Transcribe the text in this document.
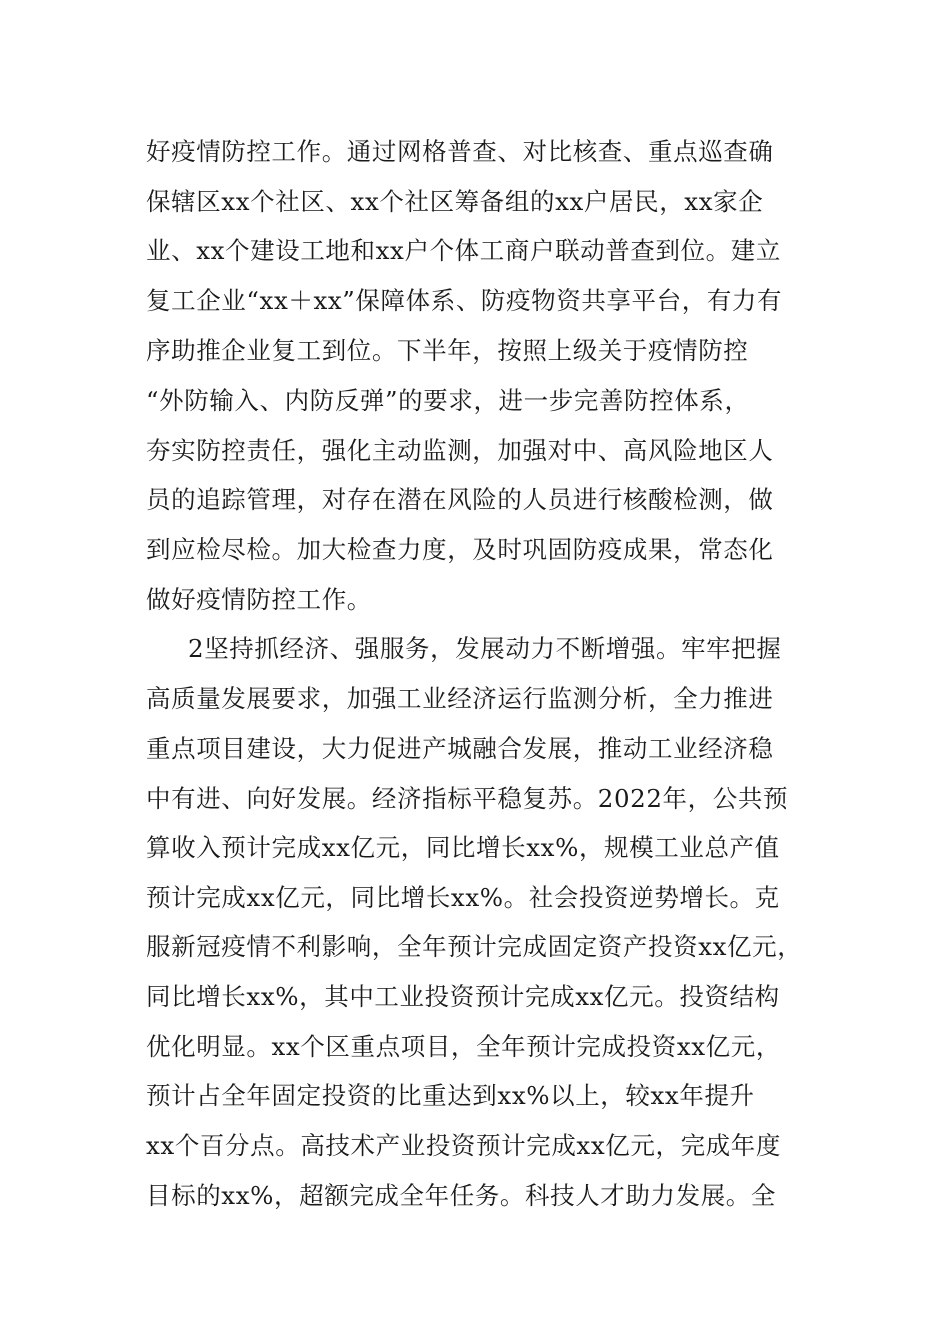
好疫情防控工作。通过网格普查、对比核查、重点巡查确
保辖区xx个社区、xx个社区筹备组的xx户居民，xx家企
业、xx个建设工地和xx户个体工商户联动普查到位。建立
复工企业“xx＋xx”保障体系、防疫物资共享平台，有力有
序助推企业复工到位。下半年，按照上级关于疫情防控
“外防输入、内防反弹”的要求，进一步完善防控体系，
夯实防控责任，强化主动监测，加强对中、高风险地区人
员的追踪管理，对存在潜在风险的人员进行核酸检测，做
到应检尽检。加大检查力度，及时巩固防疫成果，常态化
做好疫情防控工作。
2坚持抓经济、强服务，发展动力不断增强。牢牢把握
高质量发展要求，加强工业经济运行监测分析，全力推进
重点项目建设，大力促进产城融合发展，推动工业经济稳
中有进、向好发展。经济指标平稳复苏。2022年，公共预
算收入预计完成xx亿元，同比增长xx%，规模工业总产值
预计完成xx亿元，同比增长xx%。社会投资逆势增长。克
服新冠疫情不利影响，全年预计完成固定资产投资xx亿元，
同比增长xx%，其中工业投资预计完成xx亿元。投资结构
优化明显。xx个区重点项目，全年预计完成投资xx亿元，
预计占全年固定投资的比重达到xx%以上，较xx年提升
xx个百分点。高技术产业投资预计完成xx亿元，完成年度
目标的xx%，超额完成全年任务。科技人才助力发展。全
